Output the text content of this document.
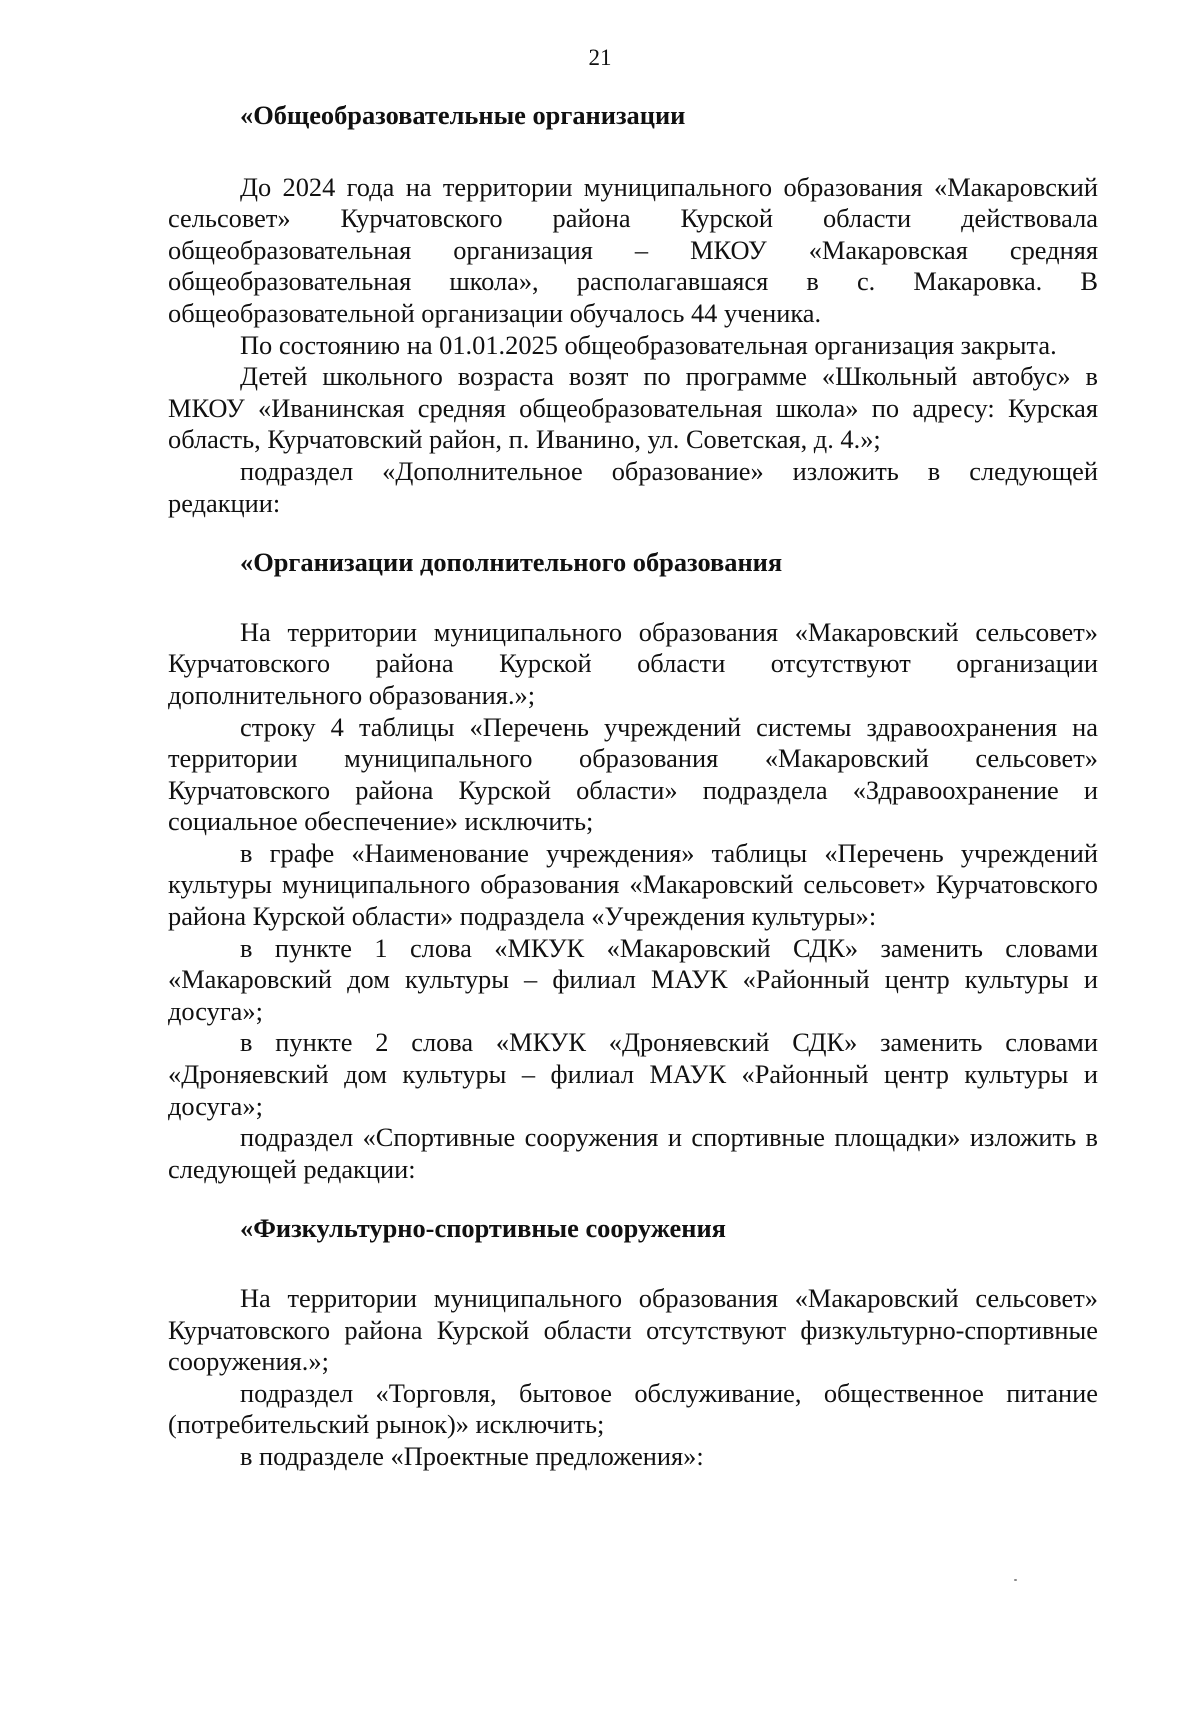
21

«Общеобразовательные организации

До 2024 года на территории муниципального образования «Макаровский сельсовет» Курчатовского района Курской области действовала общеобразовательная организация – МКОУ «Макаровская средняя общеобразовательная школа», располагавшаяся в с. Макаровка. В общеобразовательной организации обучалось 44 ученика.

По состоянию на 01.01.2025 общеобразовательная организация закрыта.

Детей школьного возраста возят по программе «Школьный автобус» в МКОУ «Иванинская средняя общеобразовательная школа» по адресу: Курская область, Курчатовский район, п. Иванино, ул. Советская, д. 4.»;

подраздел «Дополнительное образование» изложить в следующей редакции:

«Организации дополнительного образования

На территории муниципального образования «Макаровский сельсовет» Курчатовского района Курской области отсутствуют организации дополнительного образования.»;

строку 4 таблицы «Перечень учреждений системы здравоохранения на территории муниципального образования «Макаровский сельсовет» Курчатовского района Курской области» подраздела «Здравоохранение и социальное обеспечение» исключить;

в графе «Наименование учреждения» таблицы «Перечень учреждений культуры муниципального образования «Макаровский сельсовет» Курчатовского района Курской области» подраздела «Учреждения культуры»:

в пункте 1 слова «МКУК «Макаровский СДК» заменить словами «Макаровский дом культуры – филиал МАУК «Районный центр культуры и досуга»;

в пункте 2 слова «МКУК «Дроняевский СДК» заменить словами «Дроняевский дом культуры – филиал МАУК «Районный центр культуры и досуга»;

подраздел «Спортивные сооружения и спортивные площадки» изложить в следующей редакции:

«Физкультурно-спортивные сооружения

На территории муниципального образования «Макаровский сельсовет» Курчатовского района Курской области отсутствуют физкультурно-спортивные сооружения.»;

подраздел «Торговля, бытовое обслуживание, общественное питание (потребительский рынок)» исключить;

в подразделе «Проектные предложения»:
